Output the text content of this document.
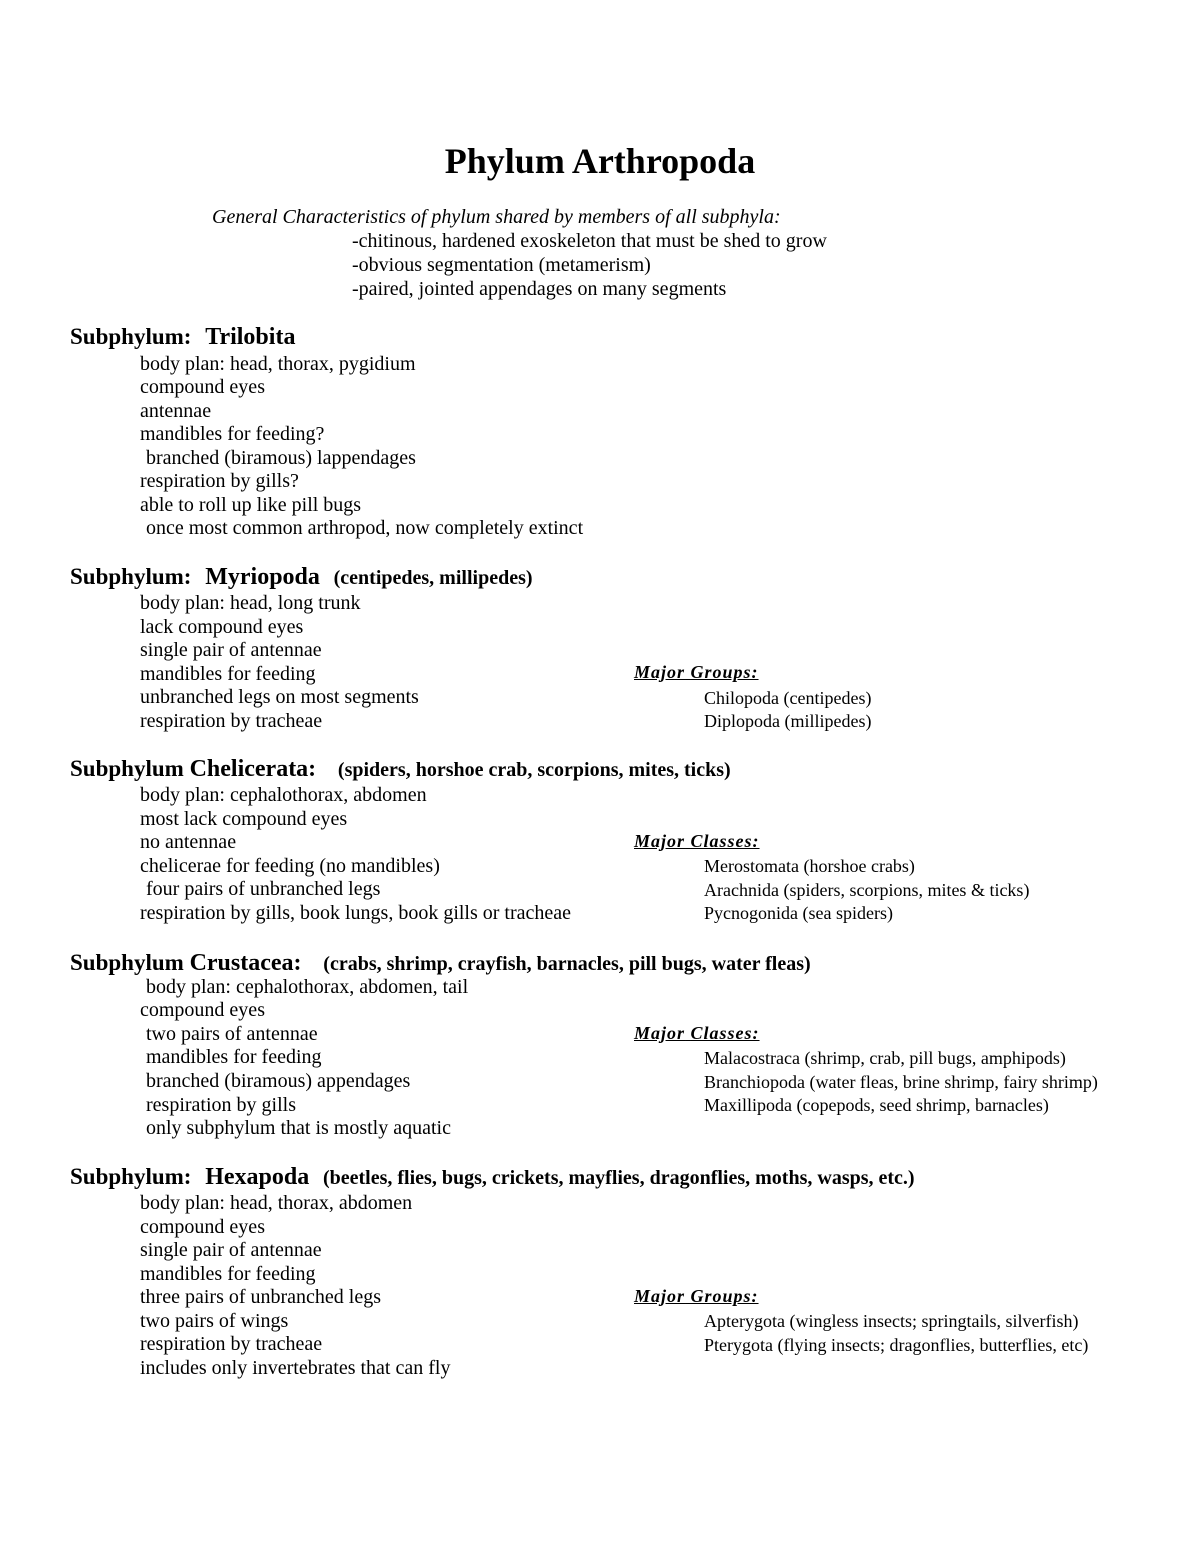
Phylum Arthropoda
General Characteristics of phylum shared by members of all subphyla:
-chitinous, hardened exoskeleton that must be shed to grow
-obvious segmentation (metamerism)
-paired, jointed appendages on many segments
Subphylum: Trilobita
body plan: head, thorax, pygidium
compound eyes
antennae
mandibles for feeding?
branched (biramous) lappendages
respiration by gills?
able to roll up like pill bugs
once most common arthropod, now completely extinct
Subphylum: Myriopoda (centipedes, millipedes)
body plan: head, long trunk
lack compound eyes
single pair of antennae
mandibles for feeding
unbranched legs on most segments
respiration by tracheae
Major Groups:
Chilopoda (centipedes)
Diplopoda (millipedes)
Subphylum Chelicerata: (spiders, horshoe crab, scorpions, mites, ticks)
body plan: cephalothorax, abdomen
most lack compound eyes
no antennae
chelicerae for feeding (no mandibles)
four pairs of unbranched legs
respiration by gills, book lungs, book gills or tracheae
Major Classes:
Merostomata (horshoe crabs)
Arachnida (spiders, scorpions, mites & ticks)
Pycnogonida (sea spiders)
Subphylum Crustacea: (crabs, shrimp, crayfish, barnacles, pill bugs, water fleas)
body plan: cephalothorax, abdomen, tail
compound eyes
two pairs of antennae
mandibles for feeding
branched (biramous) appendages
respiration by gills
only subphylum that is mostly aquatic
Major Classes:
Malacostraca (shrimp, crab, pill bugs, amphipods)
Branchiopoda (water fleas, brine shrimp, fairy shrimp)
Maxillipoda (copepods, seed shrimp, barnacles)
Subphylum: Hexapoda (beetles, flies, bugs, crickets, mayflies, dragonflies, moths, wasps, etc.)
body plan: head, thorax, abdomen
compound eyes
single pair of antennae
mandibles for feeding
three pairs of unbranched legs
two pairs of wings
respiration by tracheae
includes only invertebrates that can fly
Major Groups:
Apterygota (wingless insects; springtails, silverfish)
Pterygota (flying insects; dragonflies, butterflies, etc)
